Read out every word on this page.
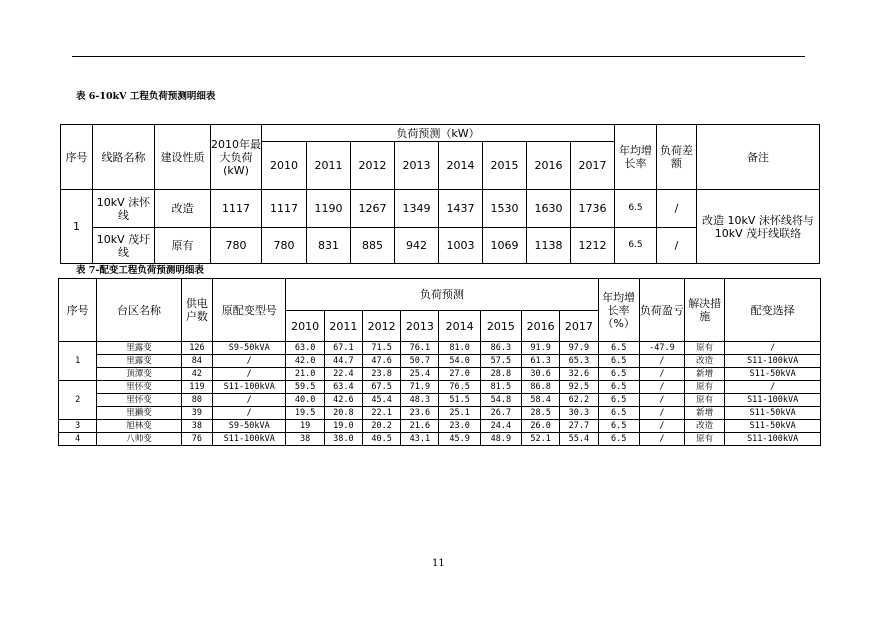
表 6-10kV 工程负荷预测明细表
序号	线路名称	建设性质	2010年最大负荷(kW)	负荷预测（kW）								年均增长率	负荷差额	备注
				2010	2011	2012	2013	2014	2015	2016	2017			
1	10kV 沫怀线	改造	1117	1117	1190	1267	1349	1437	1530	1630	1736	6.5	/	改造 10kV 沫怀线将与 10kV 茂圩线联络
	10kV 茂圩线	原有	780	780	831	885	942	1003	1069	1138	1212	6.5	/	
表 7-配变工程负荷预测明细表
序号	台区名称	供电户数	原配变型号	负荷预测								年均增长率（%）	负荷盈亏	解决措施	配变选择
				2010	2011	2012	2013	2014	2015	2016	2017				
1	里露变	126	S9-50kVA	63.0	67.1	71.5	76.1	81.0	86.3	91.9	97.9	6.5	-47.9	原有	/
	里露变	84	/	42.0	44.7	47.6	50.7	54.0	57.5	61.3	65.3	6.5	/	改造	S11-100kVA
	顶潭变	42	/	21.0	22.4	23.8	25.4	27.0	28.8	30.6	32.6	6.5	/	新增	S11-50kVA
2	里怀变	119	S11-100kVA	59.5	63.4	67.5	71.9	76.5	81.5	86.8	92.5	6.5	/	原有	/
	里怀变	80	/	40.0	42.6	45.4	48.3	51.5	54.8	58.4	62.2	6.5	/	原有	S11-100kVA
	里獭变	39	/	19.5	20.8	22.1	23.6	25.1	26.7	28.5	30.3	6.5	/	新增	S11-50kVA
3	旭林变	38	S9-50kVA	19	19.0	20.2	21.6	23.0	24.4	26.0	27.7	6.5	/	改造	S11-50kVA
4	八帅变	76	S11-100kVA	38	38.0	40.5	43.1	45.9	48.9	52.1	55.4	6.5	/	原有	S11-100kVA
11
